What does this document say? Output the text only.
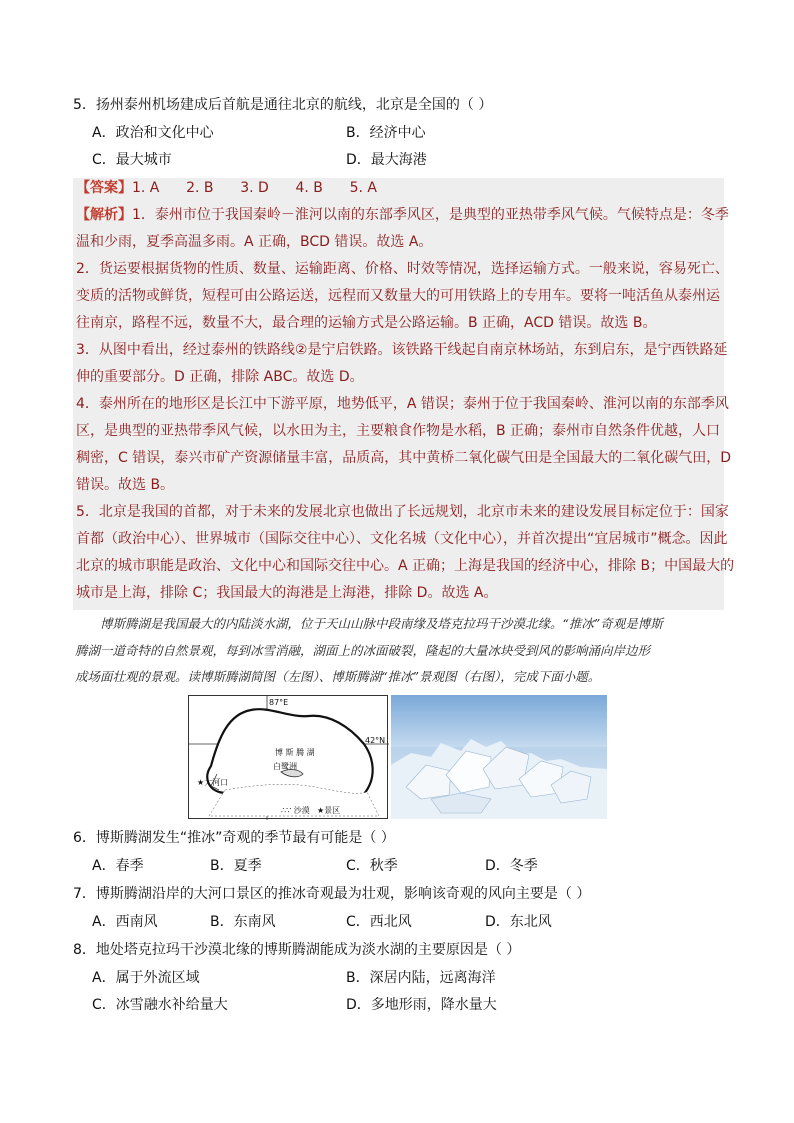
5．扬州泰州机场建成后首航是通往北京的航线，北京是全国的（ ）
A．政治和文化中心	B．经济中心
C．最大城市	D．最大海港
【答案】1. A      2. B      3. D      4. B      5. A
【解析】1．泰州市位于我国秦岭－淮河以南的东部季风区，是典型的亚热带季风气候。气候特点是：冬季
温和少雨，夏季高温多雨。A 正确，BCD 错误。故选 A。
2．货运要根据货物的性质、数量、运输距离、价格、时效等情况，选择运输方式。一般来说，容易死亡、
变质的活物或鲜货，短程可由公路运送，远程而又数量大的可用铁路上的专用车。要将一吨活鱼从泰州运
往南京，路程不远，数量不大，最合理的运输方式是公路运输。B 正确，ACD 错误。故选 B。
3．从图中看出，经过泰州的铁路线②是宁启铁路。该铁路干线起自南京林场站，东到启东，是宁西铁路延
伸的重要部分。D 正确，排除 ABC。故选 D。
4．泰州所在的地形区是长江中下游平原，地势低平，A 错误；泰州于位于我国秦岭、淮河以南的东部季风
区，是典型的亚热带季风气候，以水田为主，主要粮食作物是水稻，B 正确；泰州市自然条件优越，人口
稠密，C 错误，泰兴市矿产资源储量丰富，品质高，其中黄桥二氧化碳气田是全国最大的二氧化碳气田，D
错误。故选 B。
5．北京是我国的首都，对于未来的发展北京也做出了长远规划，北京市未来的建设发展目标定位于：国家
首都（政治中心）、世界城市（国际交往中心）、文化名城（文化中心），并首次提出“宜居城市”概念。因此
北京的城市职能是政治、文化中心和国际交往中心。A 正确；上海是我国的经济中心，排除 B；中国最大的
城市是上海，排除 C；我国最大的海港是上海港，排除 D。故选 A。
博斯腾湖是我国最大的内陆淡水湖，位于天山山脉中段南缘及塔克拉玛干沙漠北缘。“推冰”奇观是博斯
腾湖一道奇特的自然景观，每到冰雪消融，湖面上的冰面破裂，隆起的大量冰块受到风的影响涌向岸边形
成场面壮观的景观。读博斯腾湖简图（左图）、博斯腾湖“推冰”景观图（右图），完成下面小题。
87°E
42°N
博 斯 腾 湖
白鹭洲
★大河口
∴∵ 沙漠 ★景区
6．博斯腾湖发生“推冰”奇观的季节最有可能是（ ）
A．春季	B．夏季	C．秋季	D．冬季
7．博斯腾湖沿岸的大河口景区的推冰奇观最为壮观，影响该奇观的风向主要是（ ）
A．西南风	B．东南风	C．西北风	D．东北风
8．地处塔克拉玛干沙漠北缘的博斯腾湖能成为淡水湖的主要原因是（ ）
A．属于外流区域	B．深居内陆，远离海洋
C．冰雪融水补给量大	D．多地形雨，降水量大
